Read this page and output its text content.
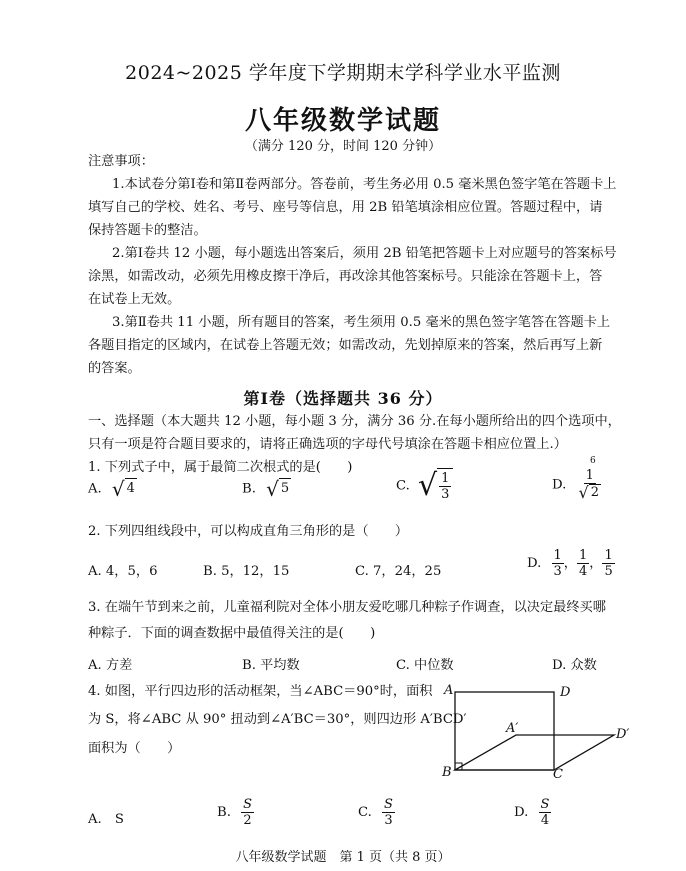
2024~2025 学年度下学期期末学科学业水平监测
八年级数学试题
（满分 120 分，时间 120 分钟）
注意事项：
1.本试卷分第Ⅰ卷和第Ⅱ卷两部分。答卷前，考生务必用 0.5 毫米黑色签字笔在答题卡上
填写自己的学校、姓名、考号、座号等信息，用 2B 铅笔填涂相应位置。答题过程中，请
保持答题卡的整洁。
2.第Ⅰ卷共 12 小题，每小题选出答案后，须用 2B 铅笔把答题卡上对应题号的答案标号
涂黑，如需改动，必须先用橡皮擦干净后，再改涂其他答案标号。只能涂在答题卡上，答
在试卷上无效。
3.第Ⅱ卷共 11 小题，所有题目的答案，考生须用 0.5 毫米的黑色签字笔答在答题卡上
各题目指定的区域内，在试卷上答题无效；如需改动，先划掉原来的答案，然后再写上新
的答案。
第Ⅰ卷（选择题共 36 分）
一、选择题（本大题共 12 小题，每小题 3 分，满分 36 分.在每小题所给出的四个选项中，
只有一项是符合题目要求的，请将正确选项的字母代号填涂在答题卡相应位置上.）
1. 下列式子中，属于最简二次根式的是(　　)	6
A. √ 4	B. √ 5	C. √ $\frac{1}{3}$	D. $\frac{1}{√ 2}$
2. 下列四组线段中，可以构成直角三角形的是（　　）
A. 4，5，6	B. 5，12，15	C. 7，24，25
D. $\frac{1}{3}$ ， $\frac{1}{4}$ ， $\frac{1}{5}$
3. 在端午节到来之前，儿童福利院对全体小朋友爱吃哪几种粽子作调查，以决定最终买哪
种粽子．下面的调查数据中最值得关注的是(　　)
A. 方差	B. 平均数	C. 中位数	D. 众数
4. 如图，平行四边形的活动框架，当∠ABC＝90°时，面积
为 S，将∠ABC 从 90° 扭动到∠A′BC＝30°，则四边形 A′BCD′
面积为（　　）
A	D
A′	D′
B	C
A.　S	B. $\frac{S}{2}$	C. $\frac{S}{3}$	D. $\frac{S}{4}$
八年级数学试题　第 1 页（共 8 页）
